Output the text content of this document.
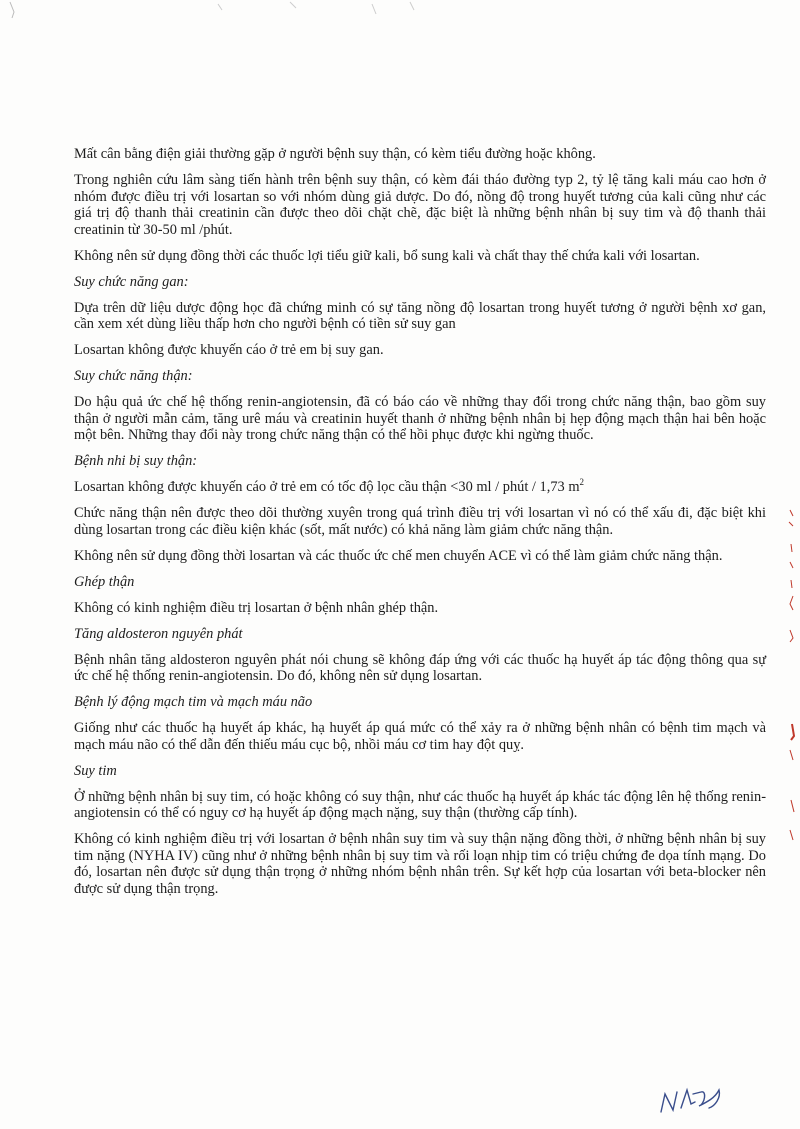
Mất cân bằng điện giải thường gặp ở người bệnh suy thận, có kèm tiểu đường hoặc không.

Trong nghiên cứu lâm sàng tiến hành trên bệnh suy thận, có kèm đái tháo đường typ 2, tỷ lệ tăng kali máu cao hơn ở nhóm được điều trị với losartan so với nhóm dùng giả dược. Do đó, nồng độ trong huyết tương của kali cũng như các giá trị độ thanh thải creatinin cần được theo dõi chặt chẽ, đặc biệt là những bệnh nhân bị suy tim và độ thanh thải creatinin từ 30-50 ml /phút.

Không nên sử dụng đồng thời các thuốc lợi tiểu giữ kali, bổ sung kali và chất thay thế chứa kali với losartan.

Suy chức năng gan:

Dựa trên dữ liệu dược động học đã chứng minh có sự tăng nồng độ losartan trong huyết tương ở người bệnh xơ gan, cần xem xét dùng liều thấp hơn cho người bệnh có tiền sử suy gan

Losartan không được khuyến cáo ở trẻ em bị suy gan.

Suy chức năng thận:

Do hậu quả ức chế hệ thống renin-angiotensin, đã có báo cáo về những thay đổi trong chức năng thận, bao gồm suy thận ở người mẫn cảm, tăng urê máu và creatinin huyết thanh ở những bệnh nhân bị hẹp động mạch thận hai bên hoặc một bên. Những thay đổi này trong chức năng thận có thể hồi phục được khi ngừng thuốc.

Bệnh nhi bị suy thận:

Losartan không được khuyến cáo ở trẻ em có tốc độ lọc cầu thận <30 ml / phút / 1,73 $m^2$

Chức năng thận nên được theo dõi thường xuyên trong quá trình điều trị với losartan vì nó có thể xấu đi, đặc biệt khi dùng losartan trong các điều kiện khác (sốt, mất nước) có khả năng làm giảm chức năng thận.

Không nên sử dụng đồng thời losartan và các thuốc ức chế men chuyển ACE vì có thể làm giảm chức năng thận.

Ghép thận

Không có kinh nghiệm điều trị losartan ở bệnh nhân ghép thận.

Tăng aldosteron nguyên phát

Bệnh nhân tăng aldosteron nguyên phát nói chung sẽ không đáp ứng với các thuốc hạ huyết áp tác động thông qua sự ức chế hệ thống renin-angiotensin. Do đó, không nên sử dụng losartan.

Bệnh lý động mạch tim và mạch máu não

Giống như các thuốc hạ huyết áp khác, hạ huyết áp quá mức có thể xảy ra ở những bệnh nhân có bệnh tim mạch và mạch máu não có thể dẫn đến thiếu máu cục bộ, nhồi máu cơ tim hay đột quỵ.

Suy tim

Ở những bệnh nhân bị suy tim, có hoặc không có suy thận, như các thuốc hạ huyết áp khác tác động lên hệ thống renin-angiotensin có thể có nguy cơ hạ huyết áp động mạch nặng, suy thận (thường cấp tính).

Không có kinh nghiệm điều trị với losartan ở bệnh nhân suy tim và suy thận nặng đồng thời, ở những bệnh nhân bị suy tim nặng (NYHA IV) cũng như ở những bệnh nhân bị suy tim và rối loạn nhịp tim có triệu chứng đe dọa tính mạng. Do đó, losartan nên được sử dụng thận trọng ở những nhóm bệnh nhân trên. Sự kết hợp của losartan với beta-blocker nên được sử dụng thận trọng.
